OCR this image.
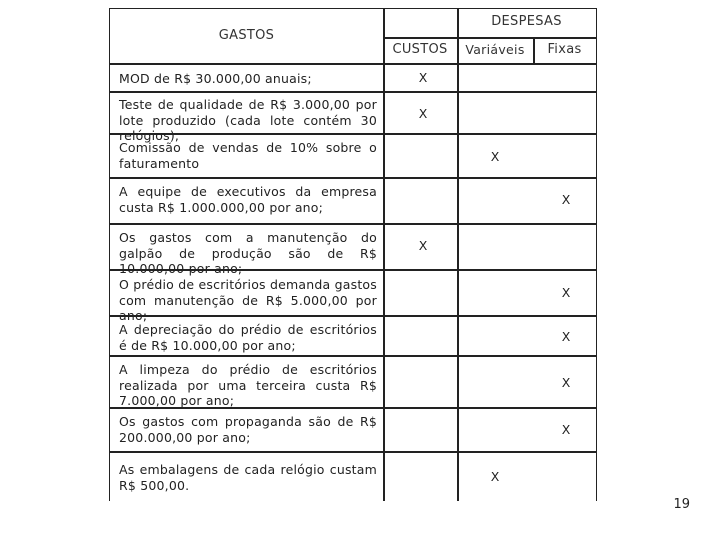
GASTOS
DESPESAS
CUSTOS	Variáveis	Fixas
MOD de R$ 30.000,00 anuais;
Teste de qualidade de R$ 3.000,00 por lote produzido (cada lote contém 30 relógios);
Comissão de vendas de 10% sobre o faturamento
A equipe de executivos da empresa custa R$ 1.000.000,00 por ano;
Os gastos com a manutenção do galpão de produção são de R$ 10.000,00 por ano;
O prédio de escritórios demanda gastos com manutenção de R$ 5.000,00 por ano;
A depreciação do prédio de escritórios é de R$ 10.000,00 por ano;
A limpeza do prédio de escritórios realizada por uma terceira custa R$ 7.000,00 por ano;
Os gastos com propaganda são de R$ 200.000,00 por ano;
As embalagens de cada relógio custam R$ 500,00.
X
X
X
X
X
X
X
X
X
X
19
